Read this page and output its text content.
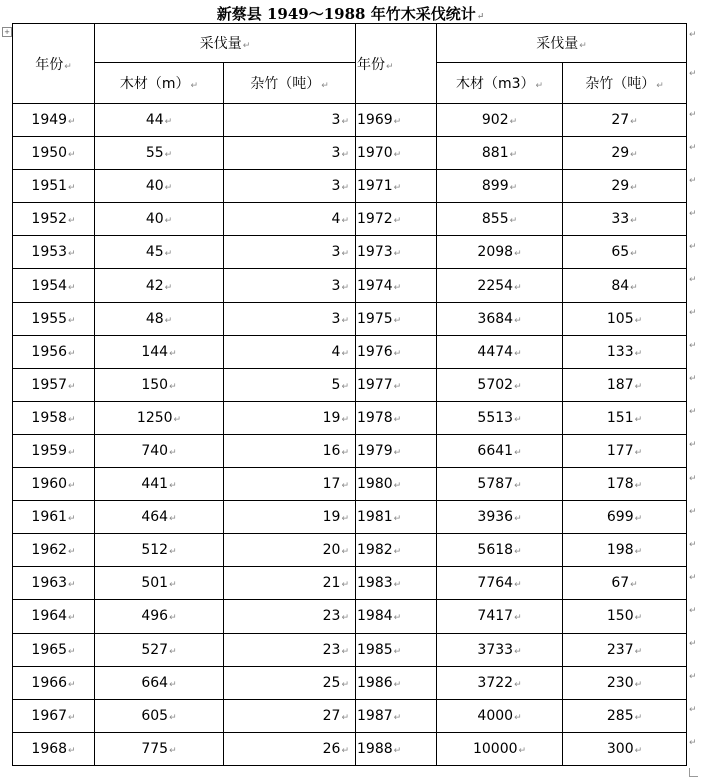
新蔡县 1949～1988 年竹木采伐统计↵
+
年份↵	采伐量↵		年份↵	采伐量↵	
	木材（m）↵	杂竹（吨）↵		木材（m3）↵	杂竹（吨）↵
1949↵	44↵	3↵	1969↵	902↵	27↵
1950↵	55↵	3↵	1970↵	881↵	29↵
1951↵	40↵	3↵	1971↵	899↵	29↵
1952↵	40↵	4↵	1972↵	855↵	33↵
1953↵	45↵	3↵	1973↵	2098↵	65↵
1954↵	42↵	3↵	1974↵	2254↵	84↵
1955↵	48↵	3↵	1975↵	3684↵	105↵
1956↵	144↵	4↵	1976↵	4474↵	133↵
1957↵	150↵	5↵	1977↵	5702↵	187↵
1958↵	1250↵	19↵	1978↵	5513↵	151↵
1959↵	740↵	16↵	1979↵	6641↵	177↵
1960↵	441↵	17↵	1980↵	5787↵	178↵
1961↵	464↵	19↵	1981↵	3936↵	699↵
1962↵	512↵	20↵	1982↵	5618↵	198↵
1963↵	501↵	21↵	1983↵	7764↵	67↵
1964↵	496↵	23↵	1984↵	7417↵	150↵
1965↵	527↵	23↵	1985↵	3733↵	237↵
1966↵	664↵	25↵	1986↵	3722↵	230↵
1967↵	605↵	27↵	1987↵	4000↵	285↵
1968↵	775↵	26↵	1988↵	10000↵	300↵
↵
↵
↵
↵
↵
↵
↵
↵
↵
↵
↵
↵
↵
↵
↵
↵
↵
↵
↵
↵
↵
↵
